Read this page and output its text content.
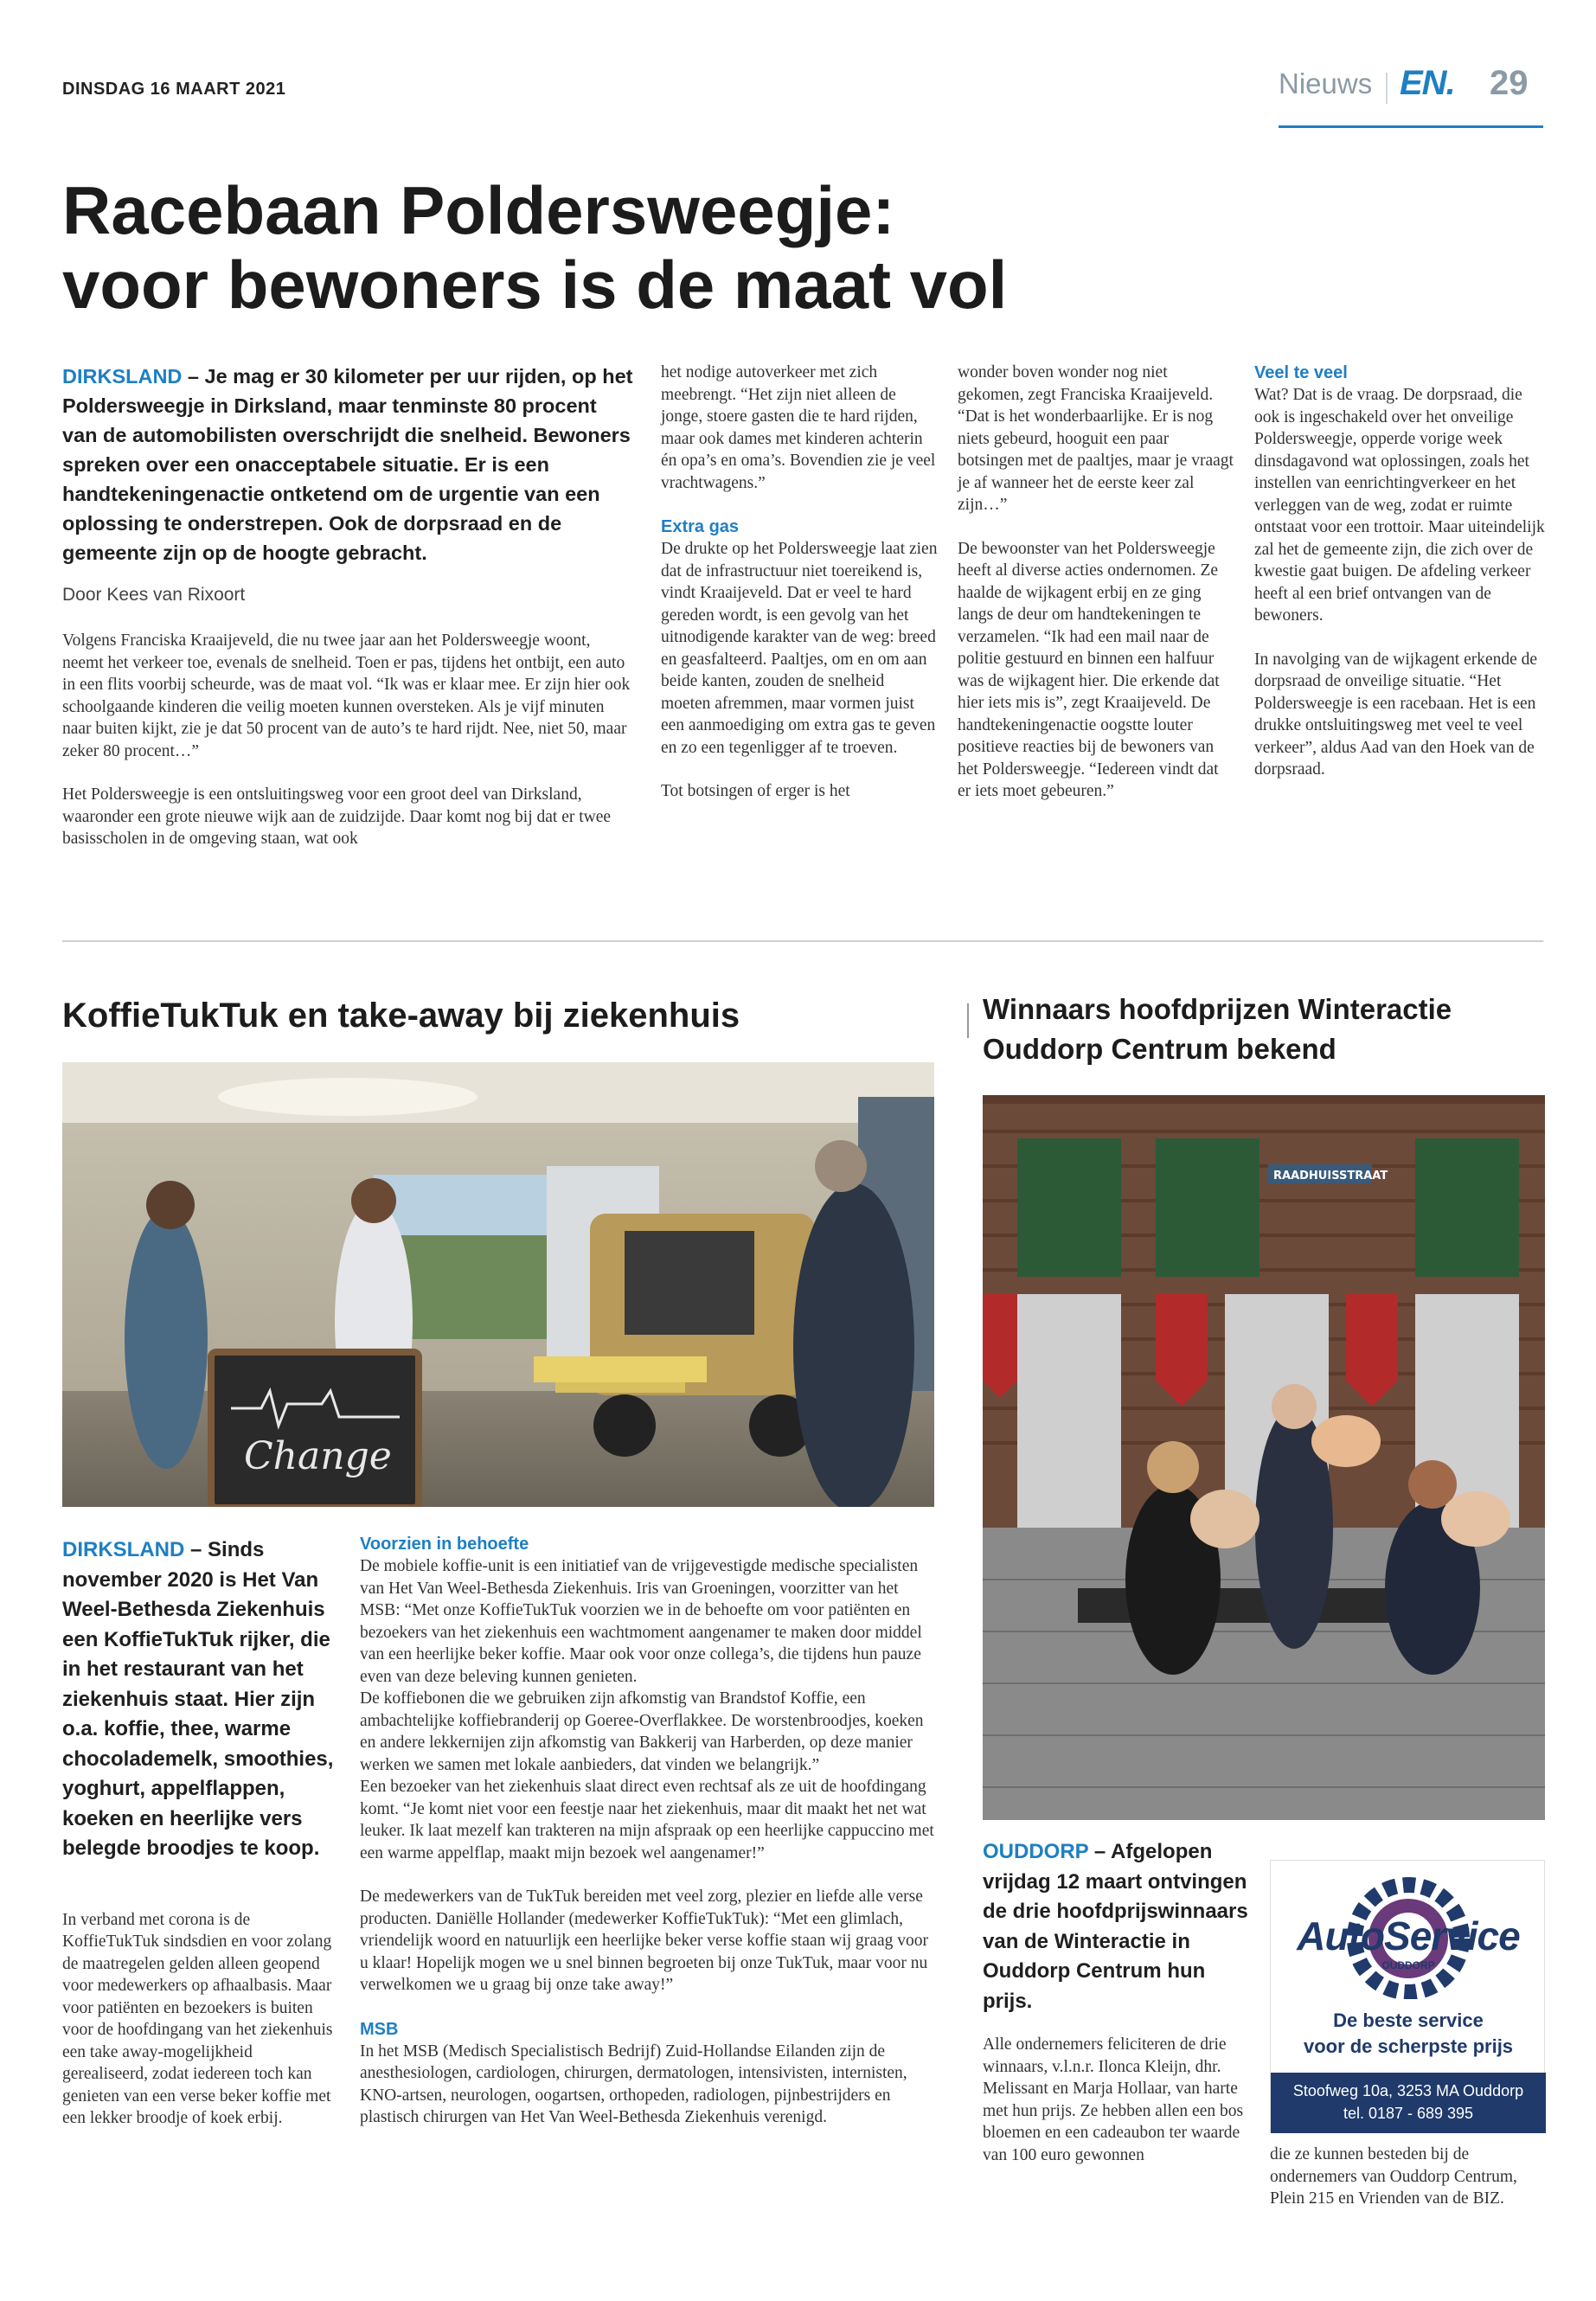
DINSDAG 16 MAART 2021	Nieuws EN. 29
Racebaan Poldersweegje:
voor bewoners is de maat vol
DIRKSLAND – Je mag er 30 kilometer per uur rijden, op het Poldersweegje in Dirksland, maar tenminste 80 procent van de automobilisten overschrijdt die snelheid. Bewoners spreken over een onacceptabele situatie. Er is een handtekeningenactie ontketend om de urgentie van een oplossing te onderstrepen. Ook de dorpsraad en de gemeente zijn op de hoogte gebracht.
Door Kees van Rixoort

Volgens Franciska Kraaijeveld, die nu twee jaar aan het Poldersweegje woont, neemt het verkeer toe, evenals de snelheid. Toen er pas, tijdens het ontbijt, een auto in een flits voorbij scheurde, was de maat vol. “Ik was er klaar mee. Er zijn hier ook schoolgaande kinderen die veilig moeten kunnen oversteken. Als je vijf minuten naar buiten kijkt, zie je dat 50 procent van de auto’s te hard rijdt. Nee, niet 50, maar zeker 80 procent…”

Het Poldersweegje is een ontsluitingsweg voor een groot deel van Dirksland, waaronder een grote nieuwe wijk aan de zuidzijde. Daar komt nog bij dat er twee basisscholen in de omgeving staan, wat ook

het nodige autoverkeer met zich meebrengt. “Het zijn niet alleen de jonge, stoere gasten die te hard rijden, maar ook dames met kinderen achterin én opa’s en oma’s. Bovendien zie je veel vrachtwagens.”

Extra gas

De drukte op het Poldersweegje laat zien dat de infrastructuur niet toereikend is, vindt Kraaijeveld. Dat er veel te hard gereden wordt, is een gevolg van het uitnodigende karakter van de weg: breed en geasfalteerd. Paaltjes, om en om aan beide kanten, zouden de snelheid moeten afremmen, maar vormen juist een aanmoediging om extra gas te geven en zo een tegenligger af te troeven.

Tot botsingen of erger is het

wonder boven wonder nog niet gekomen, zegt Franciska Kraaijeveld. “Dat is het wonderbaarlijke. Er is nog niets gebeurd, hooguit een paar botsingen met de paaltjes, maar je vraagt je af wanneer het de eerste keer zal zijn…”

De bewoonster van het Poldersweegje heeft al diverse acties ondernomen. Ze haalde de wijkagent erbij en ze ging langs de deur om handtekeningen te verzamelen. “Ik had een mail naar de politie gestuurd en binnen een halfuur was de wijkagent hier. Die erkende dat hier iets mis is”, zegt Kraaijeveld. De handtekeningenactie oogstte louter positieve reacties bij de bewoners van het Poldersweegje. “Iedereen vindt dat er iets moet gebeuren.”

Veel te veel

Wat? Dat is de vraag. De dorpsraad, die ook is ingeschakeld over het onveilige Poldersweegje, opperde vorige week dinsdagavond wat oplossingen, zoals het instellen van eenrichtingverkeer en het verleggen van de weg, zodat er ruimte ontstaat voor een trottoir. Maar uiteindelijk zal het de gemeente zijn, die zich over de kwestie gaat buigen. De afdeling verkeer heeft al een brief ontvangen van de bewoners.

In navolging van de wijkagent erkende de dorpsraad de onveilige situatie. “Het Poldersweegje is een racebaan. Het is een drukke ontsluitingsweg met veel te veel verkeer”, aldus Aad van den Hoek van de dorpsraad.

KoffieTukTuk en take-away bij ziekenhuis
Change
DIRKSLAND – Sinds november 2020 is Het Van Weel-Bethesda Ziekenhuis een KoffieTukTuk rijker, die in het restaurant van het ziekenhuis staat. Hier zijn o.a. koffie, thee, warme chocolademelk, smoothies, yoghurt, appelflappen, koeken en heerlijke vers belegde broodjes te koop.

In verband met corona is de KoffieTukTuk sindsdien en voor zolang de maatregelen gelden alleen geopend voor medewerkers op afhaalbasis. Maar voor patiënten en bezoekers is buiten voor de hoofdingang van het ziekenhuis een take away-mogelijkheid gerealiseerd, zodat iedereen toch kan genieten van een verse beker koffie met een lekker broodje of koek erbij.

Voorzien in behoefte
De mobiele koffie-unit is een initiatief van de vrijgevestigde medische specialisten van Het Van Weel-Bethesda Ziekenhuis. Iris van Groeningen, voorzitter van het MSB: “Met onze KoffieTukTuk voorzien we in de behoefte om voor patiënten en bezoekers van het ziekenhuis een wachtmoment aangenamer te maken door middel van een heerlijke beker koffie. Maar ook voor onze collega’s, die tijdens hun pauze even van deze beleving kunnen genieten.
De koffiebonen die we gebruiken zijn afkomstig van Brandstof Koffie, een ambachtelijke koffiebranderij op Goeree-Overflakkee. De worstenbroodjes, koeken en andere lekkernijen zijn afkomstig van Bakkerij van Harberden, op deze manier werken we samen met lokale aanbieders, dat vinden we belangrijk.”
Een bezoeker van het ziekenhuis slaat direct even rechtsaf als ze uit de hoofdingang komt. “Je komt niet voor een feestje naar het ziekenhuis, maar dit maakt het net wat leuker. Ik laat mezelf kan trakteren na mijn afspraak op een heerlijke cappuccino met een warme appelflap, maakt mijn bezoek wel aangenamer!”

De medewerkers van de TukTuk bereiden met veel zorg, plezier en liefde alle verse producten. Daniëlle Hollander (medewerker KoffieTukTuk): “Met een glimlach, vriendelijk woord en natuurlijk een heerlijke beker verse koffie staan wij graag voor u klaar! Hopelijk mogen we u snel binnen begroeten bij onze TukTuk, maar voor nu verwelkomen we u graag bij onze take away!”

MSB
In het MSB (Medisch Specialistisch Bedrijf) Zuid-Hollandse Eilanden zijn de anesthesiologen, cardiologen, chirurgen, dermatologen, intensivisten, internisten, KNO-artsen, neurologen, oogartsen, orthopeden, radiologen, pijnbestrijders en plastisch chirurgen van Het Van Weel-Bethesda Ziekenhuis verenigd.
Winnaars hoofdprijzen Winteractie Ouddorp Centrum bekend
RAADHUISSTRAAT
OUDDORP – Afgelopen vrijdag 12 maart ontvingen de drie hoofdprijswinnaars van de Winteractie in Ouddorp Centrum hun prijs.
Alle ondernemers feliciteren de drie winnaars, v.l.n.r. Ilonca Kleijn, dhr. Melissant en Marja Hollaar, van harte met hun prijs. Ze hebben allen een bos bloemen en een cadeaubon ter waarde van 100 euro gewonnen
AutoService
OUDDORP
De beste service
voor de scherpste prijs
Stoofweg 10a, 3253 MA Ouddorp
tel. 0187 - 689 395
die ze kunnen besteden bij de ondernemers van Ouddorp Centrum, Plein 215 en Vrienden van de BIZ.
